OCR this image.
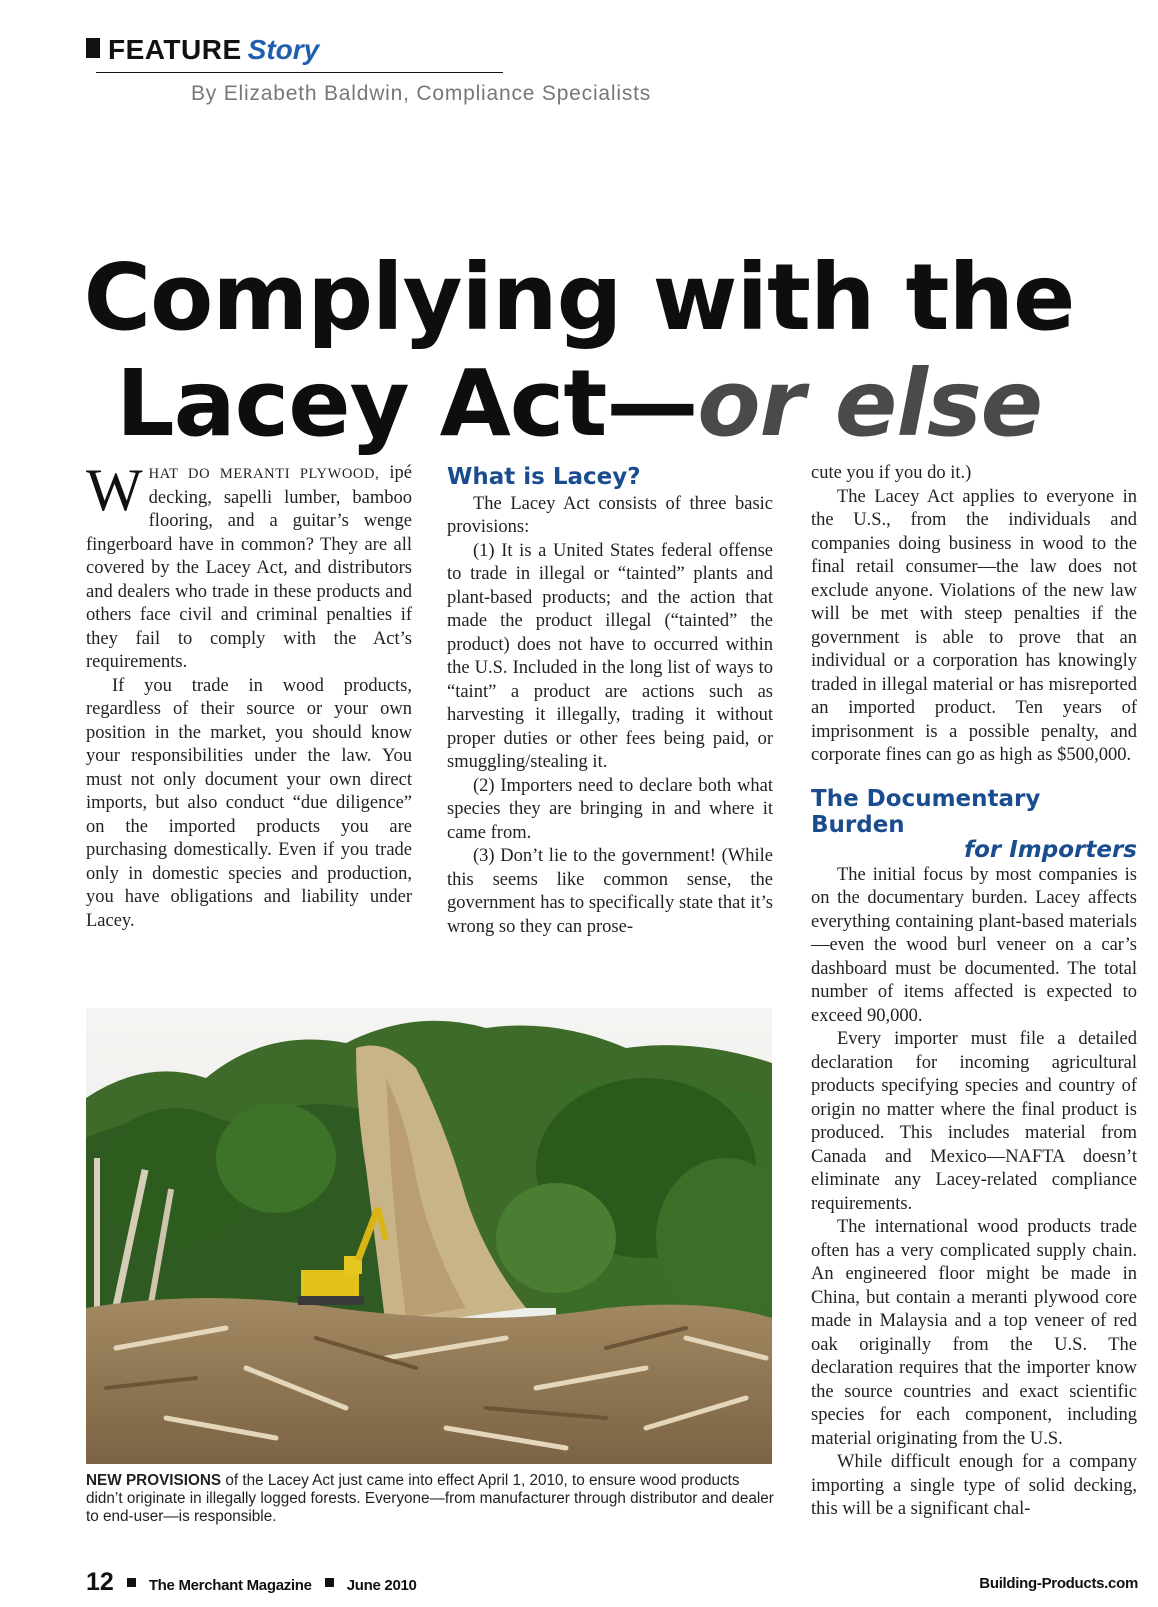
FEATURE Story
By Elizabeth Baldwin, Compliance Specialists
Complying with the
Lacey Act—or else

WHAT DO MERANTI PLYWOOD, ipé decking, sapelli lumber, bamboo flooring, and a guitar’s wenge fingerboard have in common? They are all covered by the Lacey Act, and distributors and dealers who trade in these products and others face civil and criminal penalties if they fail to comply with the Act’s requirements.

If you trade in wood products, regardless of their source or your own position in the market, you should know your responsibilities under the law. You must not only document your own direct imports, but also conduct “due diligence” on the imported products you are purchasing domestically. Even if you trade only in domestic species and production, you have obligations and liability under Lacey.

What is Lacey?

The Lacey Act consists of three basic provisions:

(1) It is a United States federal offense to trade in illegal or “tainted” plants and plant-based products; and the action that made the product illegal (“tainted” the product) does not have to occurred within the U.S. Included in the long list of ways to “taint” a product are actions such as harvesting it illegally, trading it without proper duties or other fees being paid, or smuggling/stealing it.

(2) Importers need to declare both what species they are bringing in and where it came from.

(3) Don’t lie to the government! (While this seems like common sense, the government has to specifically state that it’s wrong so they can prose-

cute you if you do it.)

The Lacey Act applies to everyone in the U.S., from the individuals and companies doing business in wood to the final retail consumer—the law does not exclude anyone. Violations of the new law will be met with steep penalties if the government is able to prove that an individual or a corporation has knowingly traded in illegal material or has misreported an imported product. Ten years of imprisonment is a possible penalty, and corporate fines can go as high as $500,000.

The Documentary Burden
for Importers

The initial focus by most companies is on the documentary burden. Lacey affects everything containing plant-based materials—even the wood burl veneer on a car’s dashboard must be documented. The total number of items affected is expected to exceed 90,000.

Every importer must file a detailed declaration for incoming agricultural products specifying species and country of origin no matter where the final product is produced. This includes material from Canada and Mexico—NAFTA doesn’t eliminate any Lacey-related compliance requirements.

The international wood products trade often has a very complicated supply chain. An engineered floor might be made in China, but contain a meranti plywood core made in Malaysia and a top veneer of red oak originally from the U.S. The declaration requires that the importer know the source countries and exact scientific species for each component, including material originating from the U.S.

While difficult enough for a company importing a single type of solid decking, this will be a significant chal-

NEW PROVISIONS of the Lacey Act just came into effect April 1, 2010, to ensure wood products didn’t originate in illegally logged forests. Everyone—from manufacturer through distributor and dealer to end-user—is responsible.
12 The Merchant Magazine June 2010	Building-Products.com
